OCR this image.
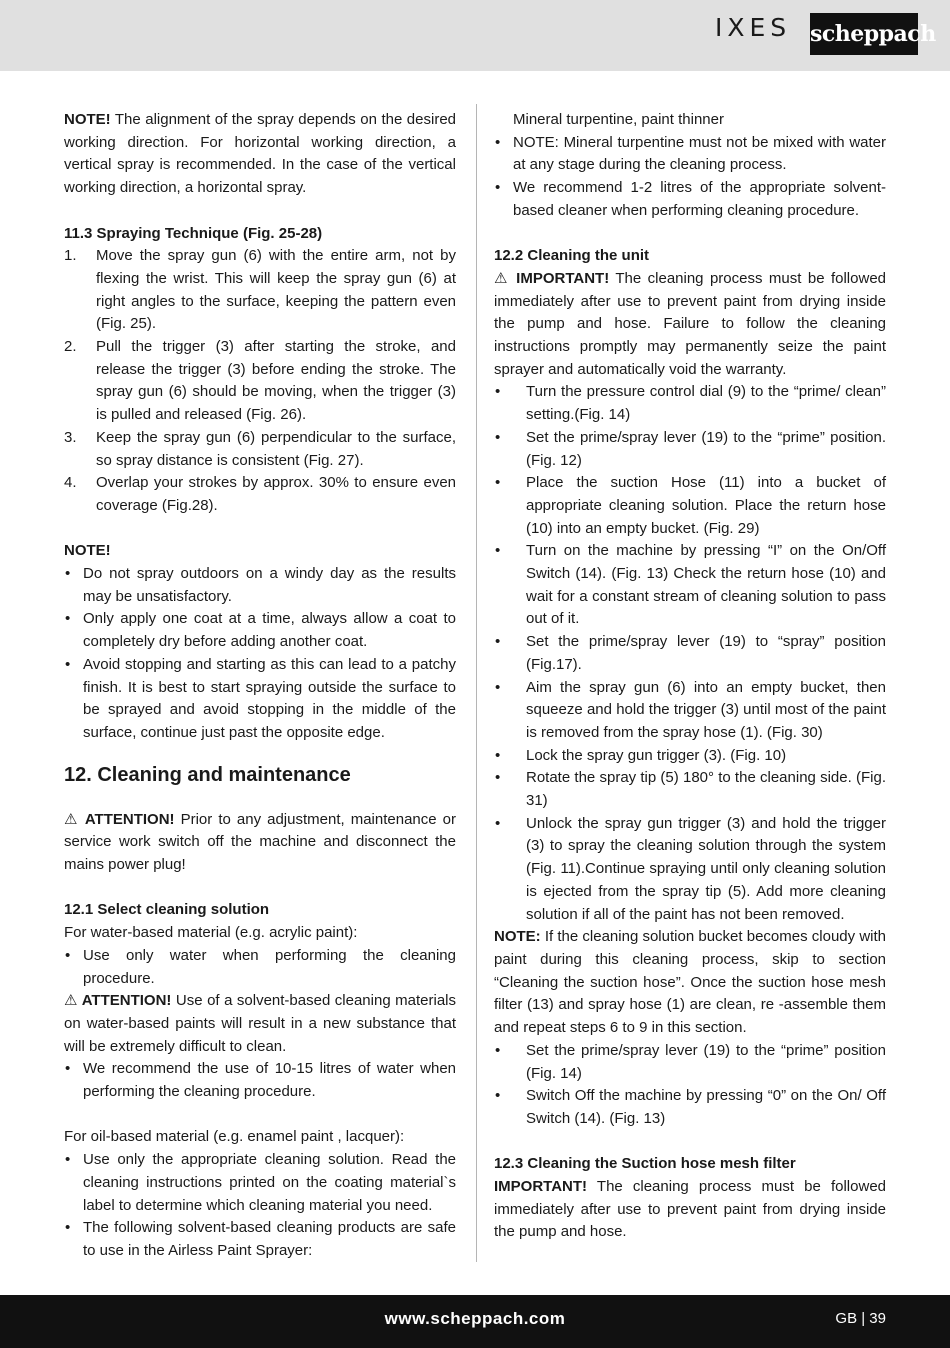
IXES scheppach

NOTE! The alignment of the spray depends on the desired working direction. For horizontal working direction, a vertical spray is recommended. In the case of the vertical working direction, a horizontal spray.

11.3 Spraying Technique (Fig. 25-28)

1. Move the spray gun (6) with the entire arm, not by flexing the wrist. This will keep the spray gun (6) at right angles to the surface, keeping the pattern even (Fig. 25).
2. Pull the trigger (3) after starting the stroke, and release the trigger (3) before ending the stroke. The spray gun (6) should be moving, when the trigger (3) is pulled and released (Fig. 26).
3. Keep the spray gun (6) perpendicular to the surface, so spray distance is consistent (Fig. 27).
4. Overlap your strokes by approx. 30% to ensure even coverage (Fig.28).

NOTE!

• Do not spray outdoors on a windy day as the results may be unsatisfactory.
• Only apply one coat at a time, always allow a coat to completely dry before adding another coat.
• Avoid stopping and starting as this can lead to a patchy finish. It is best to start spraying outside the surface to be sprayed and avoid stopping in the middle of the surface, continue just past the opposite edge.
12. Cleaning and maintenance

⚠ ATTENTION! Prior to any adjustment, maintenance or service work switch off the machine and disconnect the mains power plug!

12.1 Select cleaning solution

For water-based material (e.g. acrylic paint):

• Use only water when performing the cleaning procedure.

⚠ ATTENTION! Use of a solvent-based cleaning materials on water-based paints will result in a new substance that will be extremely difficult to clean.

• We recommend the use of 10-15 litres of water when performing the cleaning procedure.

For oil-based material (e.g. enamel paint , lacquer):

• Use only the appropriate cleaning solution. Read the cleaning instructions printed on the coating material`s label to determine which cleaning material you need.
• The following solvent-based cleaning products are safe to use in the Airless Paint Sprayer:

Mineral turpentine, paint thinner

• NOTE: Mineral turpentine must not be mixed with water at any stage during the cleaning process.
• We recommend 1-2 litres of the appropriate solvent-based cleaner when performing cleaning procedure.

12.2 Cleaning the unit

⚠ IMPORTANT! The cleaning process must be followed immediately after use to prevent paint from drying inside the pump and hose. Failure to follow the cleaning instructions promptly may permanently seize the paint sprayer and automatically void the warranty.

• Turn the pressure control dial (9) to the “prime/ clean” setting.(Fig. 14)
• Set the prime/spray lever (19) to the “prime” position. (Fig. 12)
• Place the suction Hose (11) into a bucket of appropriate cleaning solution. Place the return hose (10) into an empty bucket. (Fig. 29)
• Turn on the machine by pressing “I” on the On/Off Switch (14). (Fig. 13) Check the return hose (10) and wait for a constant stream of cleaning solution to pass out of it.
• Set the prime/spray lever (19) to “spray” position (Fig.17).
• Aim the spray gun (6) into an empty bucket, then squeeze and hold the trigger (3) until most of the paint is removed from the spray hose (1). (Fig. 30)
• Lock the spray gun trigger (3). (Fig. 10)
• Rotate the spray tip (5) 180° to the cleaning side. (Fig. 31)
• Unlock the spray gun trigger (3) and hold the trigger (3) to spray the cleaning solution through the system (Fig. 11).Continue spraying until only cleaning solution is ejected from the spray tip (5). Add more cleaning solution if all of the paint has not been removed.

NOTE: If the cleaning solution bucket becomes cloudy with paint during this cleaning process, skip to section “Cleaning the suction hose”. Once the suction hose mesh filter (13) and spray hose (1) are clean, re -assemble them and repeat steps 6 to 9 in this section.

• Set the prime/spray lever (19) to the “prime” position (Fig. 14)
• Switch Off the machine by pressing “0” on the On/ Off Switch (14). (Fig. 13)

12.3 Cleaning the Suction hose mesh filter

IMPORTANT! The cleaning process must be followed immediately after use to prevent paint from drying inside the pump and hose.

www.scheppach.com	GB | 39
